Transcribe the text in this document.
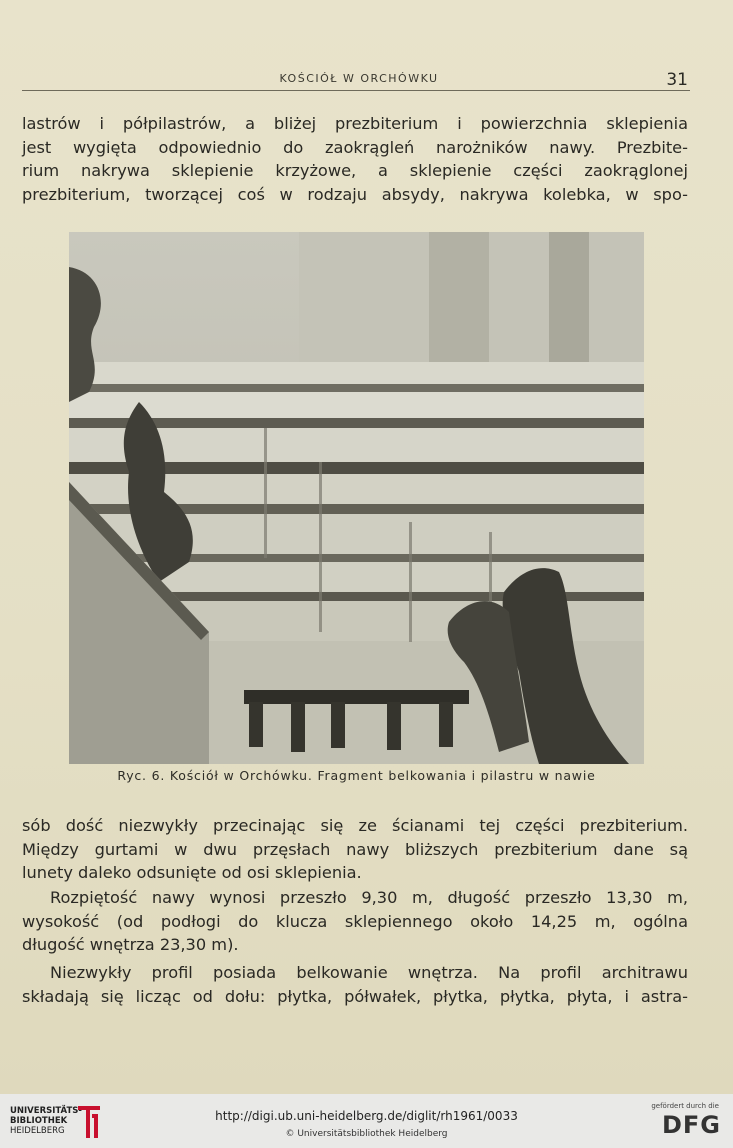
KOŚCIÓŁ W ORCHÓWKU	31
lastrów i półpilastrów, a bliżej prezbiterium i powierzchnia sklepienia
jest wygięta odpowiednio do zaokrągleń narożników nawy. Prezbite-
rium nakrywa sklepienie krzyżowe, a sklepienie części zaokrąglonej
prezbiterium, tworzącej coś w rodzaju absydy, nakrywa kolebka, w spo-
Ryc. 6. Kościół w Orchówku. Fragment belkowania i pilastru w nawie
sób dość niezwykły przecinając się ze ścianami tej części prezbiterium.
Między gurtami w dwu przęsłach nawy bliższych prezbiterium dane są
lunety daleko odsunięte od osi sklepienia.
Rozpiętość nawy wynosi przeszło 9,30 m, długość przeszło 13,30 m,
wysokość (od podłogi do klucza sklepiennego około 14,25 m, ogólna
długość wnętrza 23,30 m).
Niezwykły profil posiada belkowanie wnętrza. Na profil architrawu
składają się licząc od dołu: płytka, półwałek, płytka, płytka, płyta, i astra-
UNIVERSITÄTS-
BIBLIOTHEK
HEIDELBERG
http://digi.ub.uni-heidelberg.de/diglit/rh1961/0033
© Universitätsbibliothek Heidelberg
gefördert durch die
DFG
